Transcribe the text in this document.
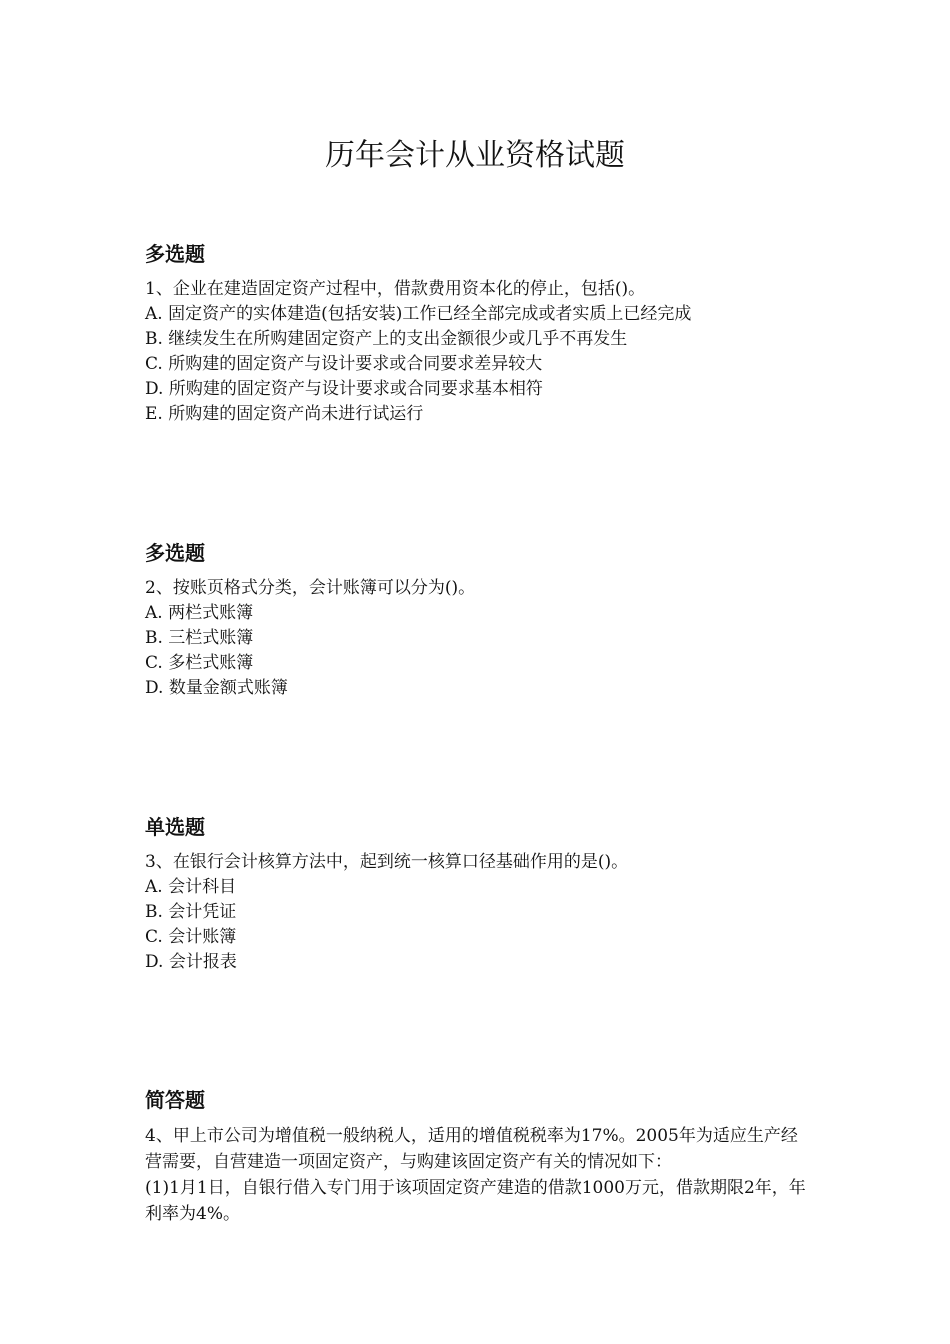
历年会计从业资格试题
多选题
1、企业在建造固定资产过程中，借款费用资本化的停止，包括()。
A. 固定资产的实体建造(包括安装)工作已经全部完成或者实质上已经完成
B. 继续发生在所购建固定资产上的支出金额很少或几乎不再发生
C. 所购建的固定资产与设计要求或合同要求差异较大
D. 所购建的固定资产与设计要求或合同要求基本相符
E. 所购建的固定资产尚未进行试运行
多选题
2、按账页格式分类，会计账簿可以分为()。
A. 两栏式账簿
B. 三栏式账簿
C. 多栏式账簿
D. 数量金额式账簿
单选题
3、在银行会计核算方法中，起到统一核算口径基础作用的是()。
A. 会计科目
B. 会计凭证
C. 会计账簿
D. 会计报表
简答题
4、甲上市公司为增值税一般纳税人，适用的增值税税率为17%。2005年为适应生产经营需要，自营建造一项固定资产，与购建该固定资产有关的情况如下：
(1)1月1日，自银行借入专门用于该项固定资产建造的借款1000万元，借款期限2年，年利率为4%。
